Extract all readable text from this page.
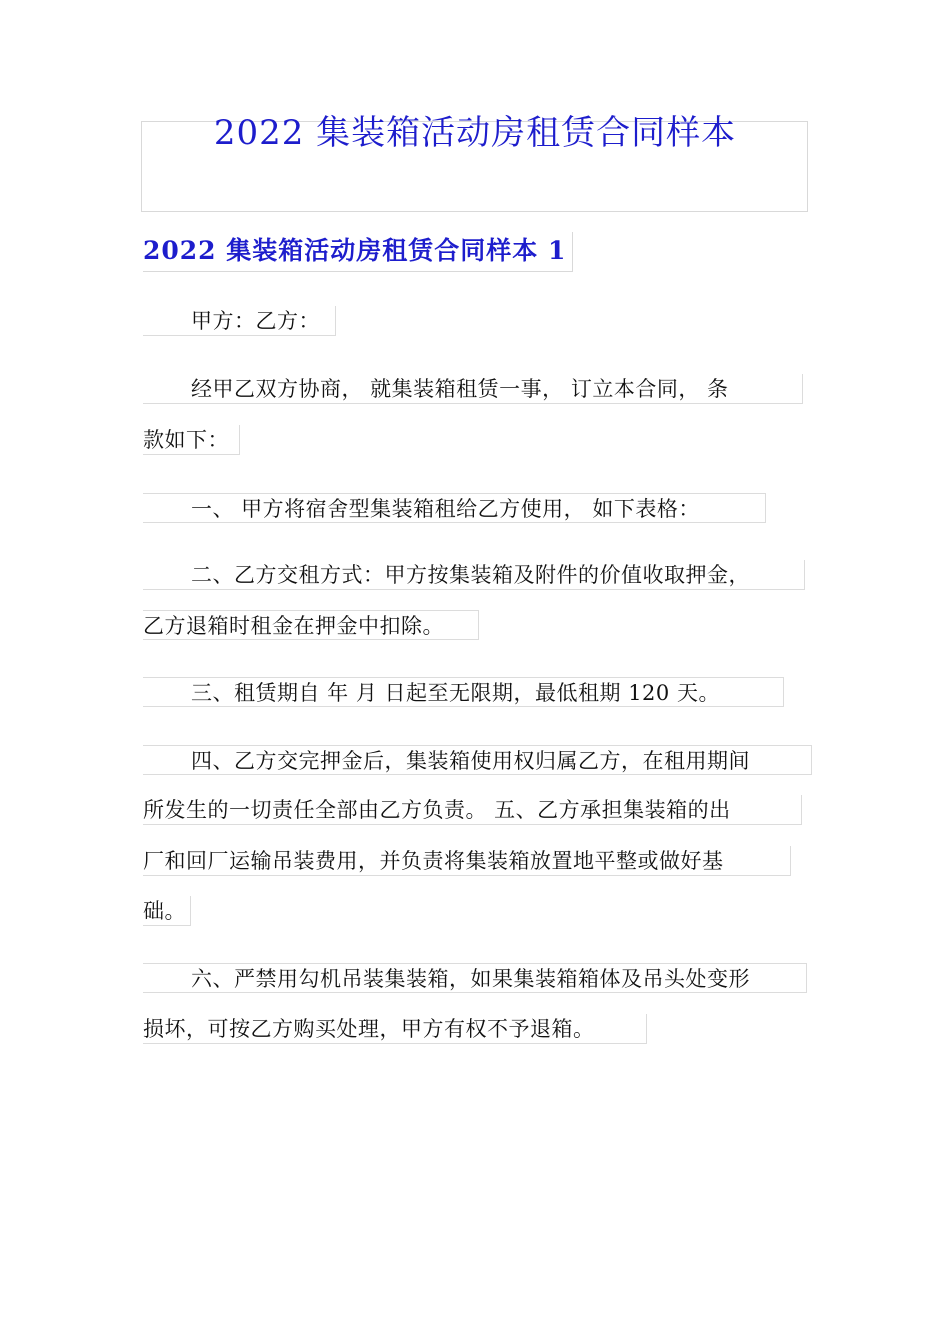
2022 集装箱活动房租赁合同样本
2022 集装箱活动房租赁合同样本 1
甲方：乙方：
经甲乙双方协商， 就集装箱租赁一事， 订立本合同， 条
款如下：
一、 甲方将宿舍型集装箱租给乙方使用， 如下表格：
二、乙方交租方式：甲方按集装箱及附件的价值收取押金，
乙方退箱时租金在押金中扣除。
三、租赁期自 年 月 日起至无限期，最低租期 120 天。
四、乙方交完押金后，集装箱使用权归属乙方，在租用期间
所发生的一切责任全部由乙方负责。 五、乙方承担集装箱的出
厂和回厂运输吊装费用，并负责将集装箱放置地平整或做好基
础。
六、严禁用勾机吊装集装箱，如果集装箱箱体及吊头处变形
损坏，可按乙方购买处理，甲方有权不予退箱。
